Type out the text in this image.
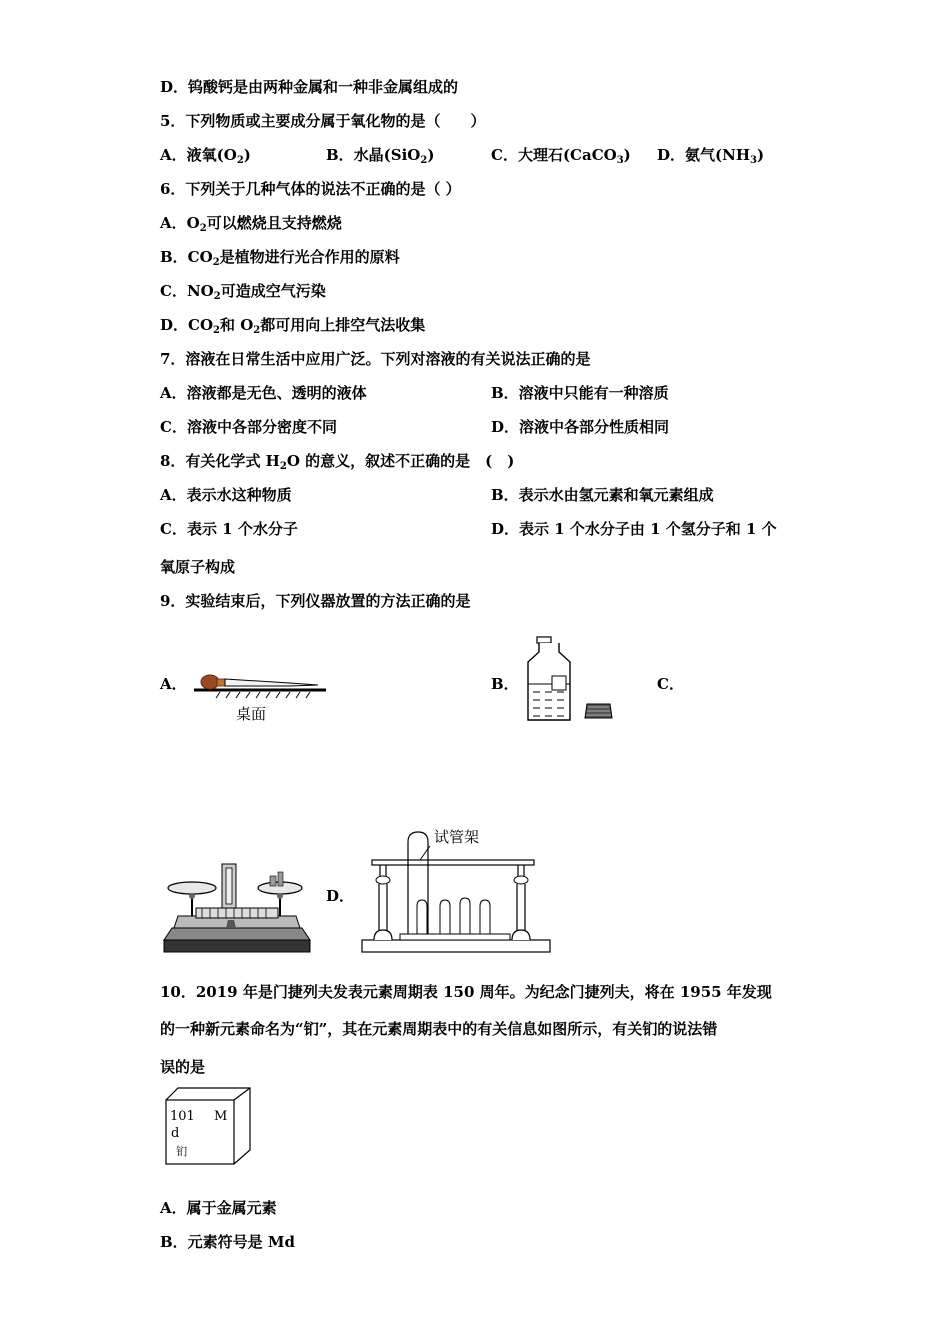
D．钨酸钙是由两种金属和一种非金属组成的
5．下列物质或主要成分属于氧化物的是（　　）
A．液氧$(O_2)$	B．水晶(SiO$_2$)	C．大理石(CaCO$_3$) D．氨气$(NH_3)$
6．下列关于几种气体的说法不正确的是（ ）
A．$O_2$可以燃烧且支持燃烧
B．$CO_2$是植物进行光合作用的原料
C．$NO_2$可造成空气污染
D．$CO_2$和 $O_2$都可用向上排空气法收集
7．溶液在日常生活中应用广泛。下列对溶液的有关说法正确的是
A．溶液都是无色、透明的液体	B．溶液中只能有一种溶质
C．溶液中各部分密度不同	D．溶液中各部分性质相同
8．有关化学式 $H_2O$ 的意义，叙述不正确的是　(　)
A．表示水这种物质	B．表示水由氢元素和氧元素组成
C．表示 1 个水分子	D．表示 1 个水分子由 1 个氢分子和 1 个
氧原子构成
9．实验结束后，下列仪器放置的方法正确的是
A．
桌面
B．	C．
D．
试管架
10．2019 年是门捷列夫发表元素周期表 150 周年。为纪念门捷列夫，将在 1955 年发现
的一种新元素命名为“钔”，其在元素周期表中的有关信息如图所示，有关钔的说法错
误的是
101 M
d
钔
A．属于金属元素
B．元素符号是 Md
